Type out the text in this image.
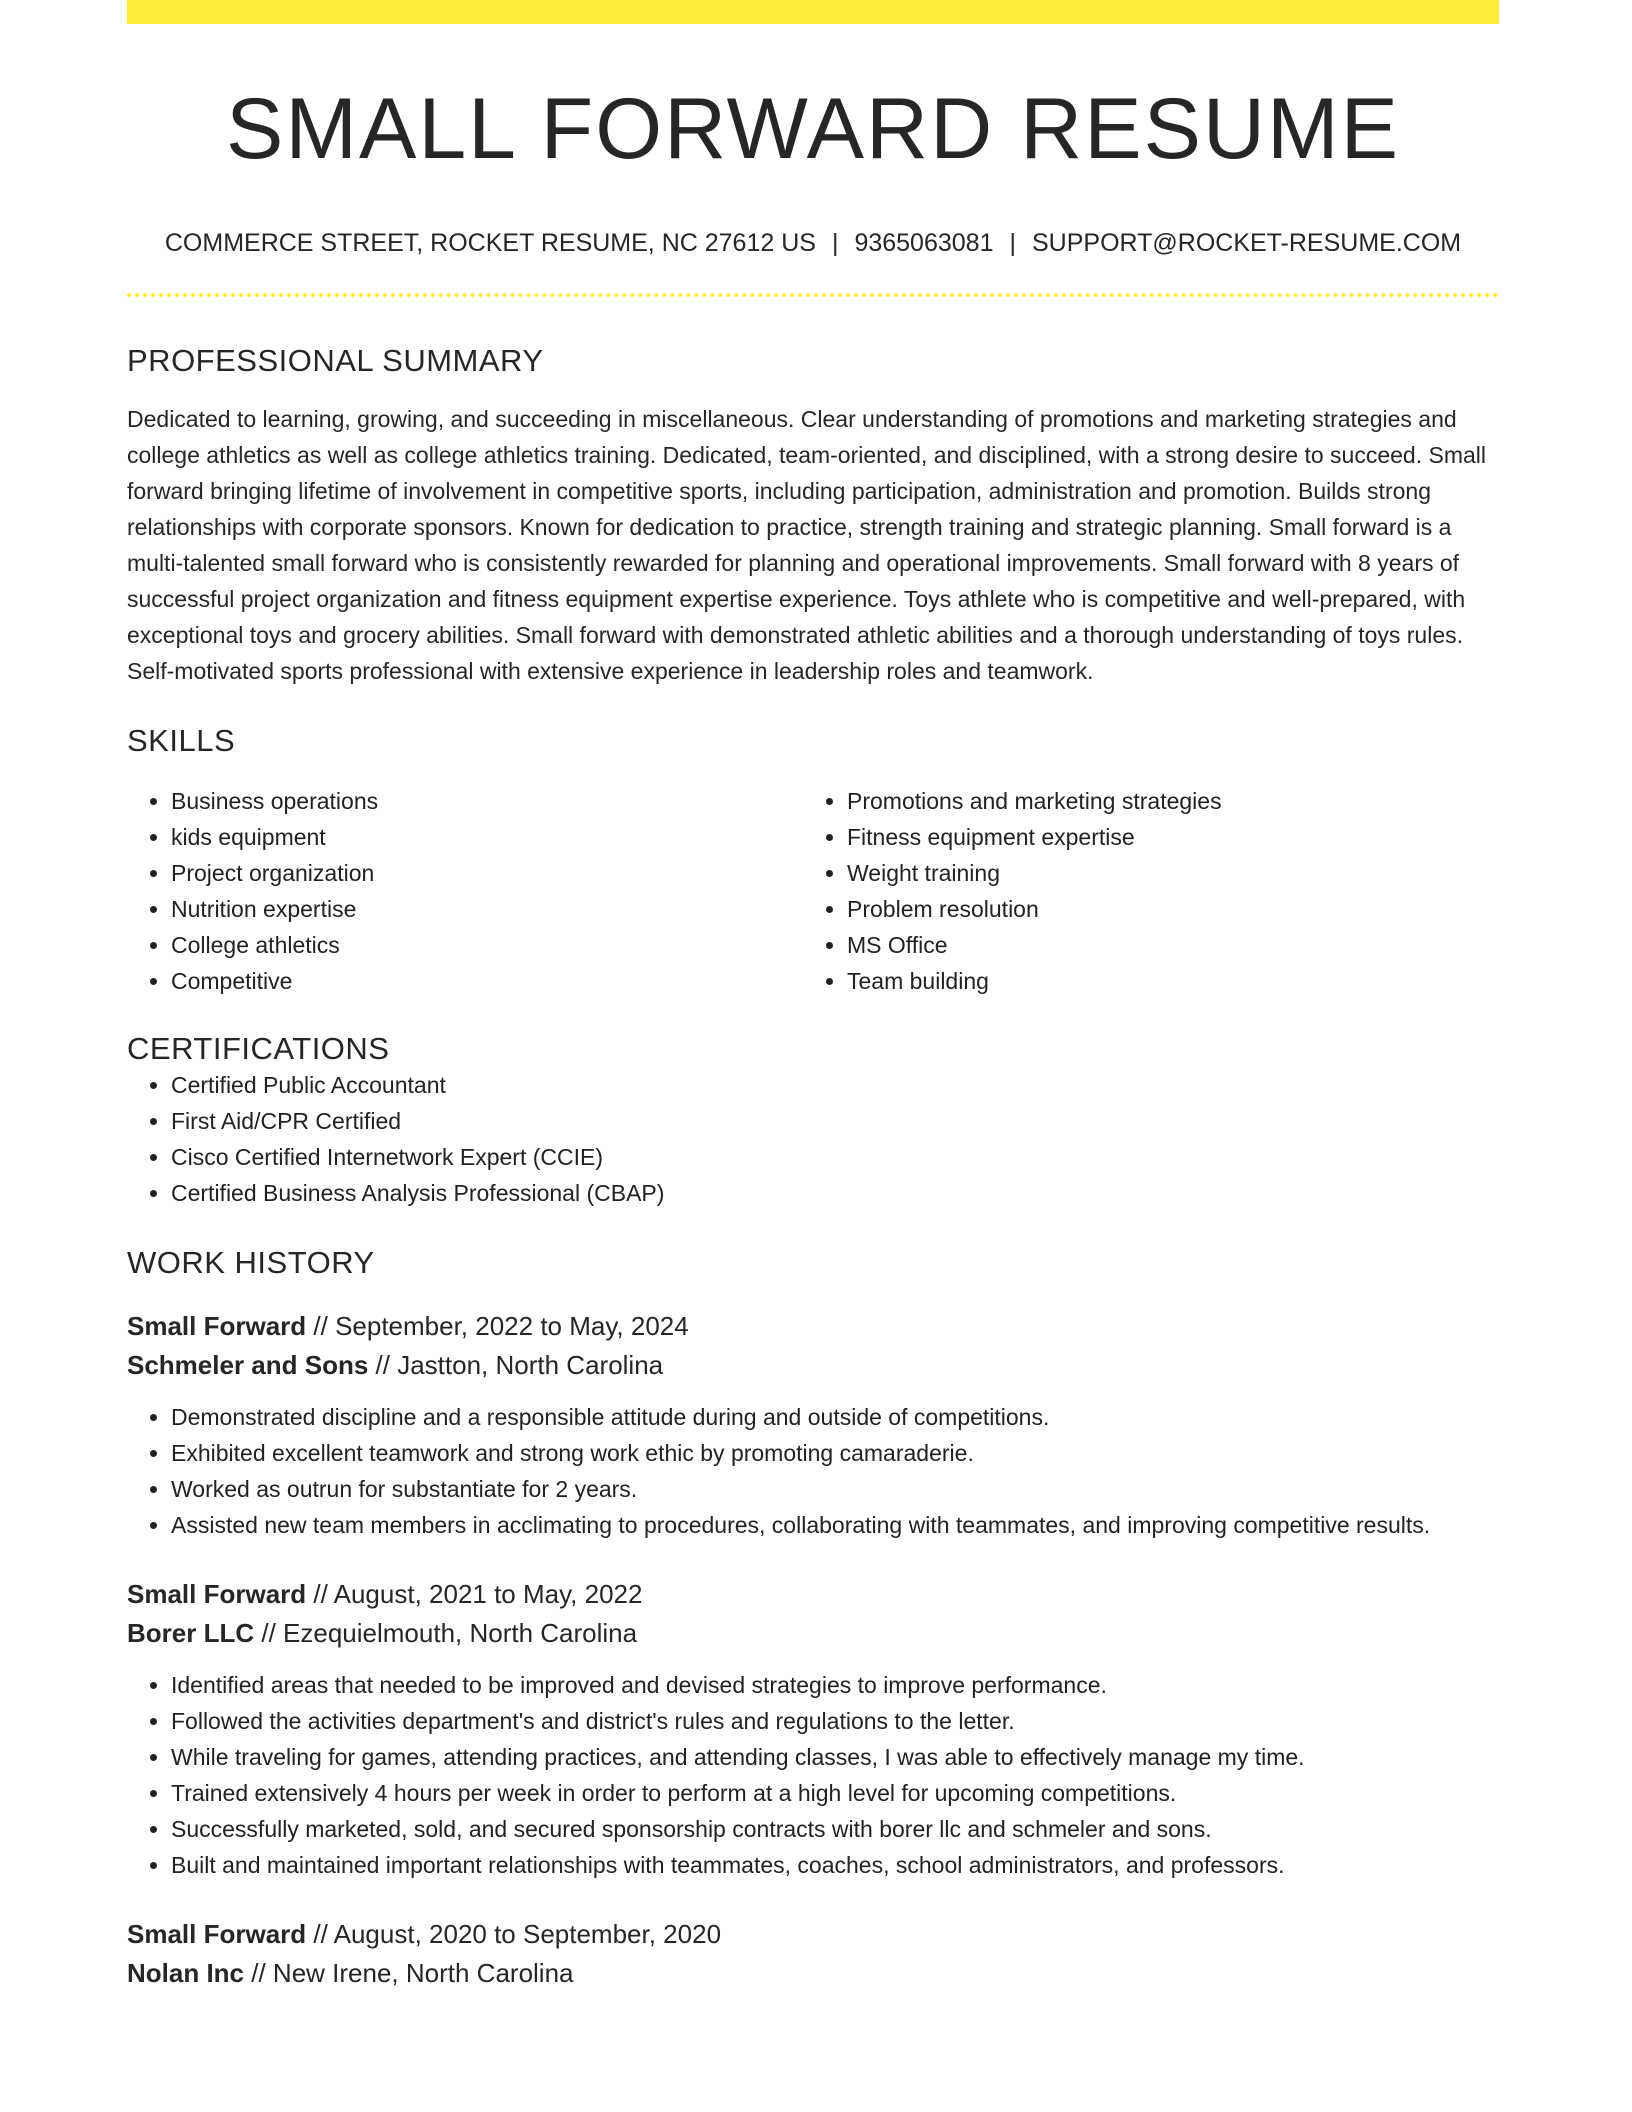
SMALL FORWARD RESUME
COMMERCE STREET, ROCKET RESUME, NC 27612 US | 9365063081 | SUPPORT@ROCKET-RESUME.COM
PROFESSIONAL SUMMARY

Dedicated to learning, growing, and succeeding in miscellaneous. Clear understanding of promotions and marketing strategies and college athletics as well as college athletics training. Dedicated, team-oriented, and disciplined, with a strong desire to succeed. Small forward bringing lifetime of involvement in competitive sports, including participation, administration and promotion. Builds strong relationships with corporate sponsors. Known for dedication to practice, strength training and strategic planning. Small forward is a multi-talented small forward who is consistently rewarded for planning and operational improvements. Small forward with 8 years of successful project organization and fitness equipment expertise experience. Toys athlete who is competitive and well-prepared, with exceptional toys and grocery abilities. Small forward with demonstrated athletic abilities and a thorough understanding of toys rules. Self-motivated sports professional with extensive experience in leadership roles and teamwork.

SKILLS
• Business operations
• kids equipment
• Project organization
• Nutrition expertise
• College athletics
• Competitive
• Promotions and marketing strategies
• Fitness equipment expertise
• Weight training
• Problem resolution
• MS Office
• Team building
CERTIFICATIONS
• Certified Public Accountant
• First Aid/CPR Certified
• Cisco Certified Internetwork Expert (CCIE)
• Certified Business Analysis Professional (CBAP)
WORK HISTORY
Small Forward // September, 2022 to May, 2024
Schmeler and Sons // Jastton, North Carolina
• Demonstrated discipline and a responsible attitude during and outside of competitions.
• Exhibited excellent teamwork and strong work ethic by promoting camaraderie.
• Worked as outrun for substantiate for 2 years.
• Assisted new team members in acclimating to procedures, collaborating with teammates, and improving competitive results.
Small Forward // August, 2021 to May, 2022
Borer LLC // Ezequielmouth, North Carolina
• Identified areas that needed to be improved and devised strategies to improve performance.
• Followed the activities department's and district's rules and regulations to the letter.
• While traveling for games, attending practices, and attending classes, I was able to effectively manage my time.
• Trained extensively 4 hours per week in order to perform at a high level for upcoming competitions.
• Successfully marketed, sold, and secured sponsorship contracts with borer llc and schmeler and sons.
• Built and maintained important relationships with teammates, coaches, school administrators, and professors.
Small Forward // August, 2020 to September, 2020
Nolan Inc // New Irene, North Carolina
